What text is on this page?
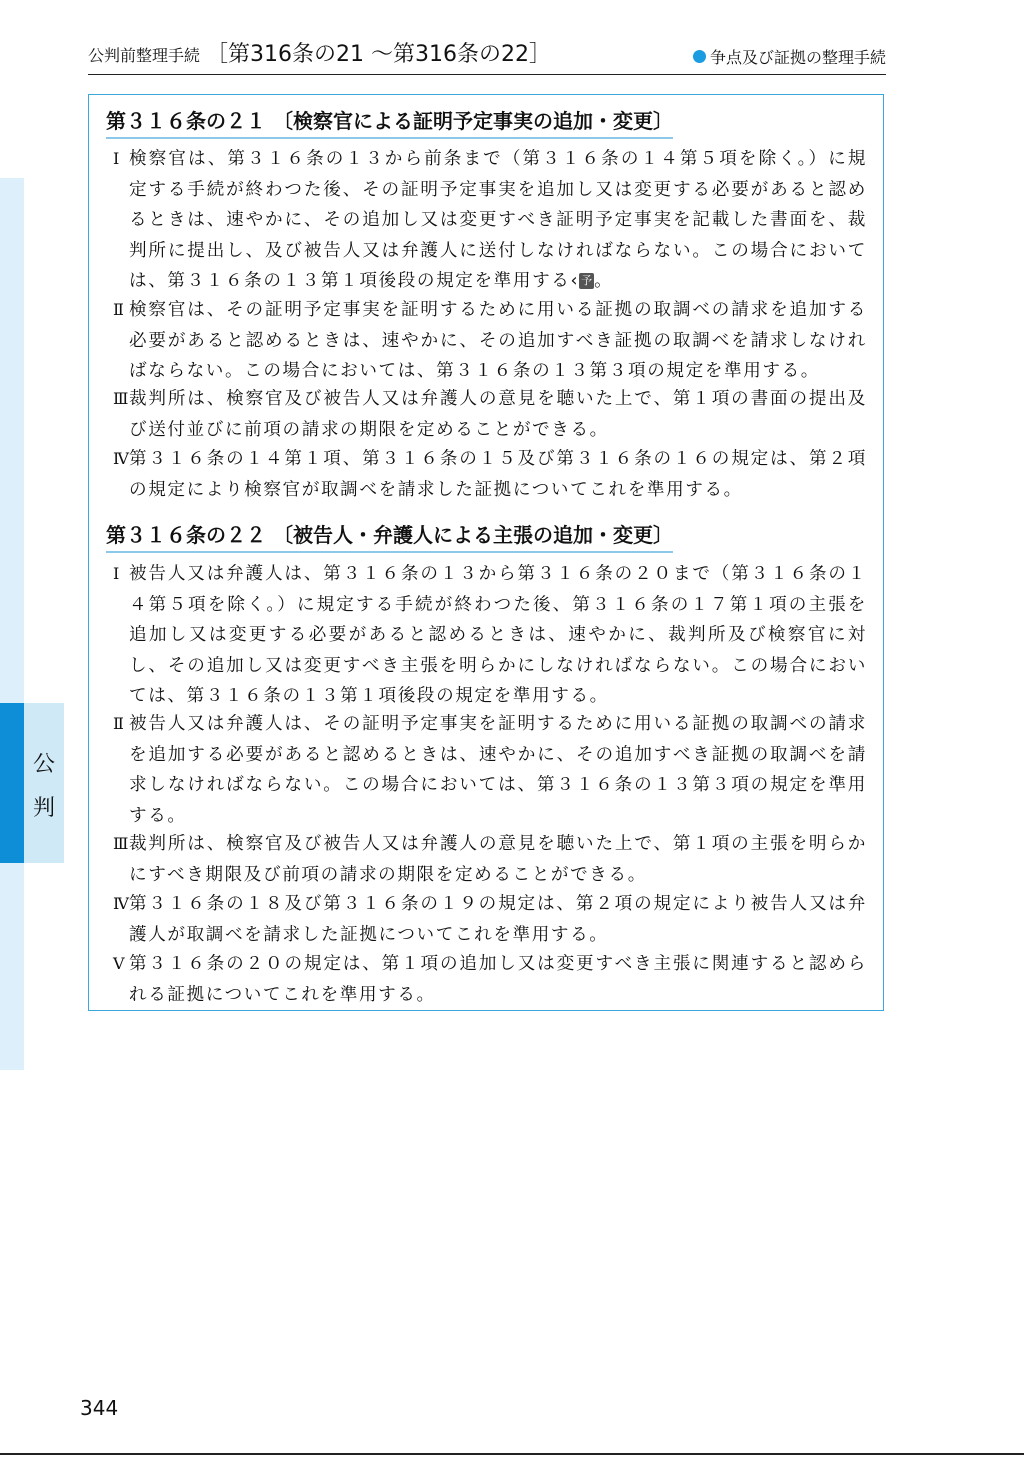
公判前整理手続 ［第316条の21 ～第316条の22］	争点及び証拠の整理手続
公
判
第３１６条の２１ 〔検察官による証明予定事実の追加・変更〕
Ⅰ 検察官は、第３１６条の１３から前条まで（第３１６条の１４第５項を除く。）に規定する手続が終わつた後、その証明予定事実を追加し又は変更する必要があると認めるときは、速やかに、その追加し又は変更すべき証明予定事実を記載した書面を、裁判所に提出し、及び被告人又は弁護人に送付しなければならない。この場合においては、第３１６条の１３第１項後段の規定を準用する‹ 予 。
Ⅱ 検察官は、その証明予定事実を証明するために用いる証拠の取調べの請求を追加する必要があると認めるときは、速やかに、その追加すべき証拠の取調べを請求しなければならない。この場合においては、第３１６条の１３第３項の規定を準用する。
Ⅲ 裁判所は、検察官及び被告人又は弁護人の意見を聴いた上で、第１項の書面の提出及び送付並びに前項の請求の期限を定めることができる。
Ⅳ 第３１６条の１４第１項、第３１６条の１５及び第３１６条の１６の規定は、第２項の規定により検察官が取調べを請求した証拠についてこれを準用する。
第３１６条の２２ 〔被告人・弁護人による主張の追加・変更〕
Ⅰ 被告人又は弁護人は、第３１６条の１３から第３１６条の２０まで（第３１６条の１４第５項を除く。）に規定する手続が終わつた後、第３１６条の１７第１項の主張を追加し又は変更する必要があると認めるときは、速やかに、裁判所及び検察官に対し、その追加し又は変更すべき主張を明らかにしなければならない。この場合においては、第３１６条の１３第１項後段の規定を準用する。
Ⅱ 被告人又は弁護人は、その証明予定事実を証明するために用いる証拠の取調べの請求を追加する必要があると認めるときは、速やかに、その追加すべき証拠の取調べを請求しなければならない。この場合においては、第３１６条の１３第３項の規定を準用する。
Ⅲ 裁判所は、検察官及び被告人又は弁護人の意見を聴いた上で、第１項の主張を明らかにすべき期限及び前項の請求の期限を定めることができる。
Ⅳ 第３１６条の１８及び第３１６条の１９の規定は、第２項の規定により被告人又は弁護人が取調べを請求した証拠についてこれを準用する。
Ⅴ 第３１６条の２０の規定は、第１項の追加し又は変更すべき主張に関連すると認められる証拠についてこれを準用する。
344
